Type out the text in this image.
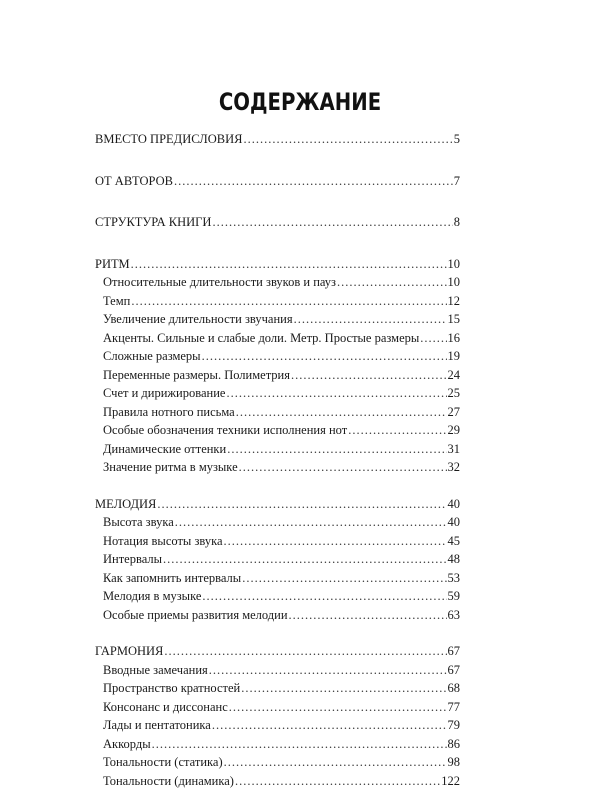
СОДЕРЖАНИЕ
ВМЕСТО ПРЕДИСЛОВИЯ .....	5
ОТ АВТОРОВ .....	7
СТРУКТУРА КНИГИ .....	8
РИТМ .....	10
Относительные длительности звуков и пауз .....	10
Темп .....	12
Увеличение длительности звучания .....	15
Акценты. Сильные и слабые доли. Метр. Простые размеры ..... 16
Сложные размеры .....	19
Переменные размеры. Полиметрия .....	24
Счет и дирижирование .....	25
Правила нотного письма .....	27
Особые обозначения техники исполнения нот .....	29
Динамические оттенки .....	31
Значение ритма в музыке .....	32
МЕЛОДИЯ .....	40
Высота звука .....	40
Нотация высоты звука .....	45
Интервалы .....	48
Как запомнить интервалы .....	53
Мелодия в музыке .....	59
Особые приемы развития мелодии .....	63
ГАРМОНИЯ .....	67
Вводные замечания .....	67
Пространство кратностей .....	68
Консонанс и диссонанс .....	77
Лады и пентатоника .....	79
Аккорды .....	86
Тональности (статика) .....	98
Тональности (динамика) .....	122
